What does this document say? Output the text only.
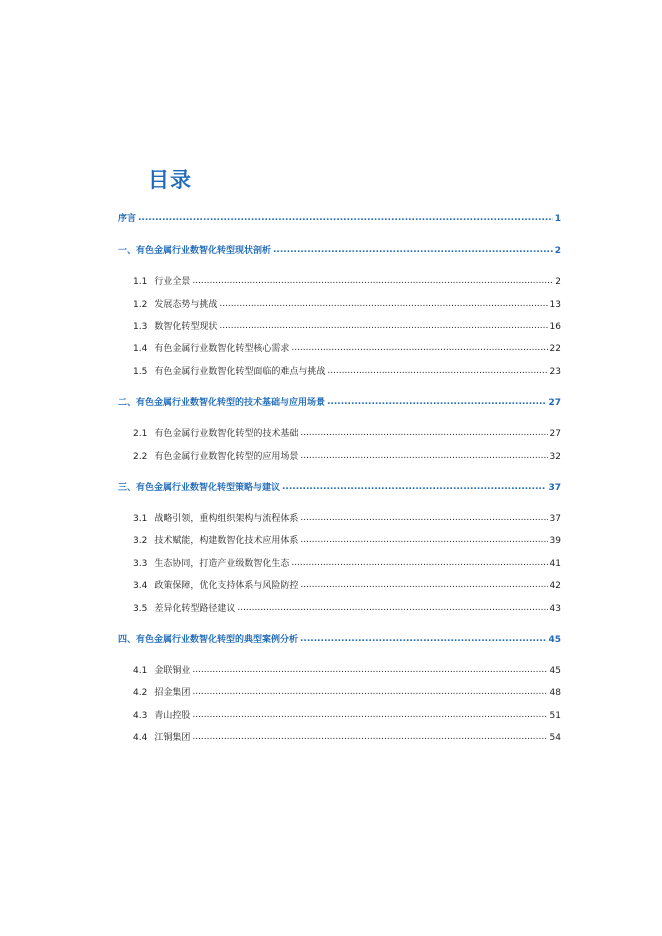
目录
序言 .....	1
一、有色金属行业数智化转型现状剖析 .....	2
1.1 行业全景 .....	2
1.2 发展态势与挑战 .....	13
1.3 数智化转型现状 .....	16
1.4 有色金属行业数智化转型核心需求 .....	22
1.5 有色金属行业数智化转型面临的难点与挑战 .....	23
二、有色金属行业数智化转型的技术基础与应用场景 .....	27
2.1 有色金属行业数智化转型的技术基础 .....	27
2.2 有色金属行业数智化转型的应用场景 .....	32
三、有色金属行业数智化转型策略与建议 .....	37
3.1 战略引领，重构组织架构与流程体系 .....	37
3.2 技术赋能，构建数智化技术应用体系 .....	39
3.3 生态协同，打造产业级数智化生态 .....	41
3.4 政策保障，优化支持体系与风险防控 .....	42
3.5 差异化转型路径建议 .....	43
四、有色金属行业数智化转型的典型案例分析 .....	45
4.1 金联铜业 .....	45
4.2 招金集团 .....	48
4.3 青山控股 .....	51
4.4 江铜集团 .....	54
